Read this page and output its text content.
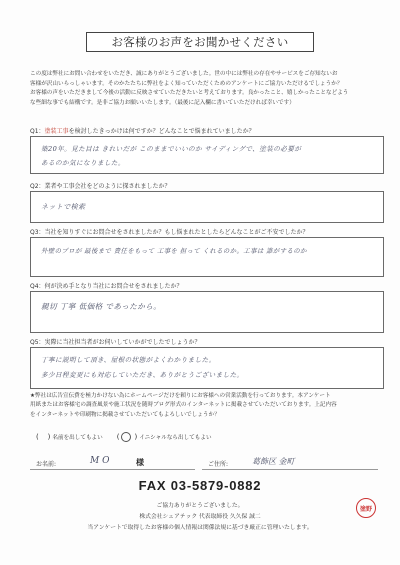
お客様のお声をお聞かせください

この度は弊社にお問い合わせをいただき、誠にありがとうございました。世の中には弊社の存在やサービスをご存知ないお

客様が沢山いらっしゃいます。そのかたたちに弊社をよく知っていただくためのアンケートにご協力いただけるでしょうか？

お客様の声をいただきまして今後の活動に反映させていただきたいと考えております。良かったこと、嬉しかったことなどよう

な些細な事でも結構です。是非ご協力お願いいたします。（最後に記入欄に書いていただければ幸いです）

Q1：塗装工事を検討したきっかけは何ですか？どんなことで悩まれていましたか？
築20年。見た目は きれいだが このままでいいのか サイディングで、塗装の必要が
あるのか気になりました。
Q2：業者や工事会社をどのように探されましたか？
ネットで検索
Q3：当社を知りすぐにお問合せをされましたか？もし悩まれたとしたらどんなことがご不安でしたか？
外壁のプロが 最後まで 責任をもって 工事を 担って くれるのか。工事は 誰がするのか
Q4：何が決め手となり当社にお問合せをされましたか？
親切 丁寧 低価格 であったから。
Q5：実際に当社担当者がお伺いしていかがでしたでしょうか？
丁寧に説明して頂き、屋根の状態がよくわかりました。
多少日程変更にも対応していただき、ありがとうございました。

★弊社は広告宣伝費を極力かけない為にホームページだけを頼りにお客様への営業活動を行っております。本アンケート

用紙またはお客様宅の調査風景や施工状況を随時ブログ形式のインターネットに掲載させていただいております。上記内容

をインターネットや印刷物に掲載させていただいてもよろしいでしょうか？

(    ) 名前を出してもよい ( ) イニシャルなら出してもよい
お名前:	M O	様	ご住所:	葛飾区 金町
FAX 03-5879-0882
ご協力ありがとうございました。
株式会社シェアテック 代表取締役 久久保 誠二
当アンケートで取得したお客様の個人情報は関係法規に基づき厳正に管理いたします。
塗野
